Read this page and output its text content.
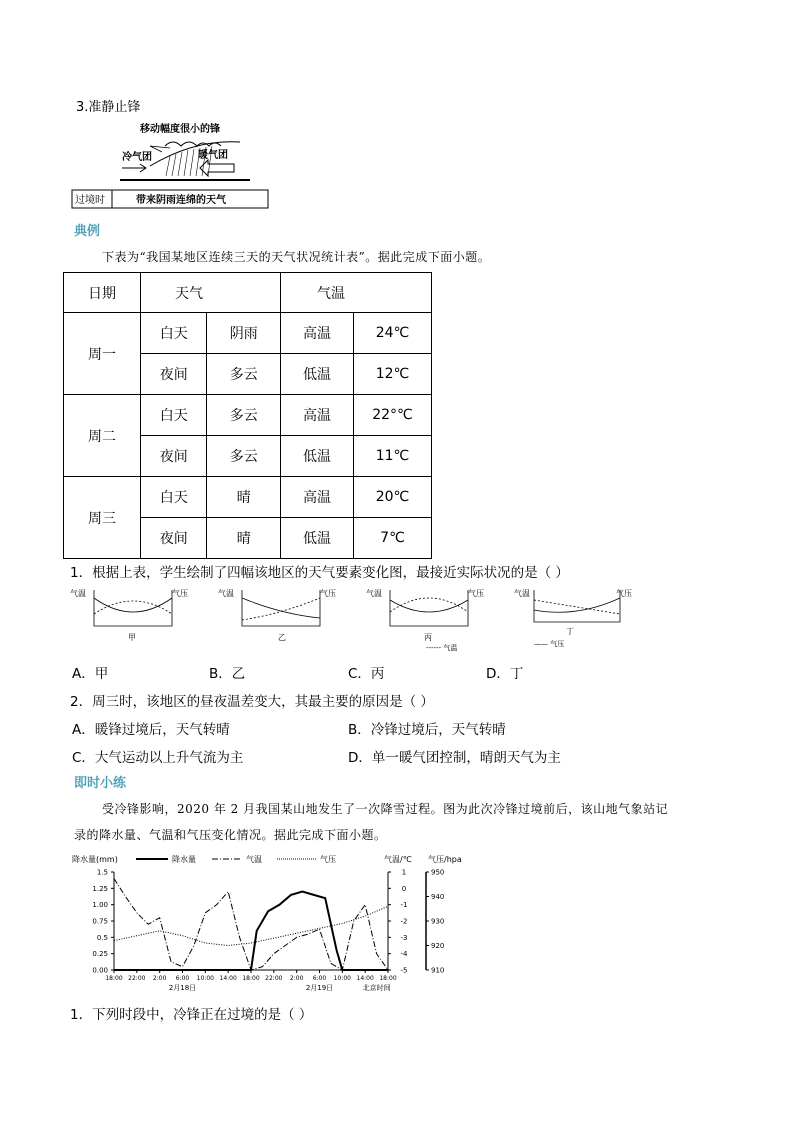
3.准静止锋
移动幅度很小的锋
冷气团	暖气团
过境时	带来阴雨连绵的天气
典例
下表为“我国某地区连续三天的天气状况统计表”。据此完成下面小题。
日期	天气		气温	
周一	白天	阴雨	高温	24℃
	夜间	多云	低温	12℃
周二	白天	多云	高温	22°℃
	夜间	多云	低温	11℃
周三	白天	晴	高温	20℃
	夜间	晴	低温	7℃
1．根据上表，学生绘制了四幅该地区的天气要素变化图，最接近实际状况的是（ ）
气温	气压
甲
气温	气压
乙
气温	气压
丙
------ 气温
气温	气压
丁
—— 气压
A．甲	B．乙	C．丙	D．丁
2．周三时，该地区的昼夜温差变大，其最主要的原因是（ ）
A．暖锋过境后，天气转晴	B．冷锋过境后，天气转晴
C．大气运动以上升气流为主	D．单一暖气团控制，晴朗天气为主
即时小练
受冷锋影响，2020 年 2 月我国某山地发生了一次降雪过程。图为此次冷锋过境前后，该山地气象站记
录的降水量、气温和气压变化情况。据此完成下面小题。
降水量(mm)	降水量	气温	气压	气温/℃ 气压/hpa
1.5
1.25
1.00
0.75
0.5
0.25
0.00
1
0
-1
-2
-3
-4
-5
950
940
930
920
910
18:00 22:00 2:00 6:00 10:00 14:00 18:00 22:00 2:00 6:00 10:00 14:00 18:00
2月18日	2月19日	北京时间
1．下列时段中，冷锋正在过境的是（ ）
